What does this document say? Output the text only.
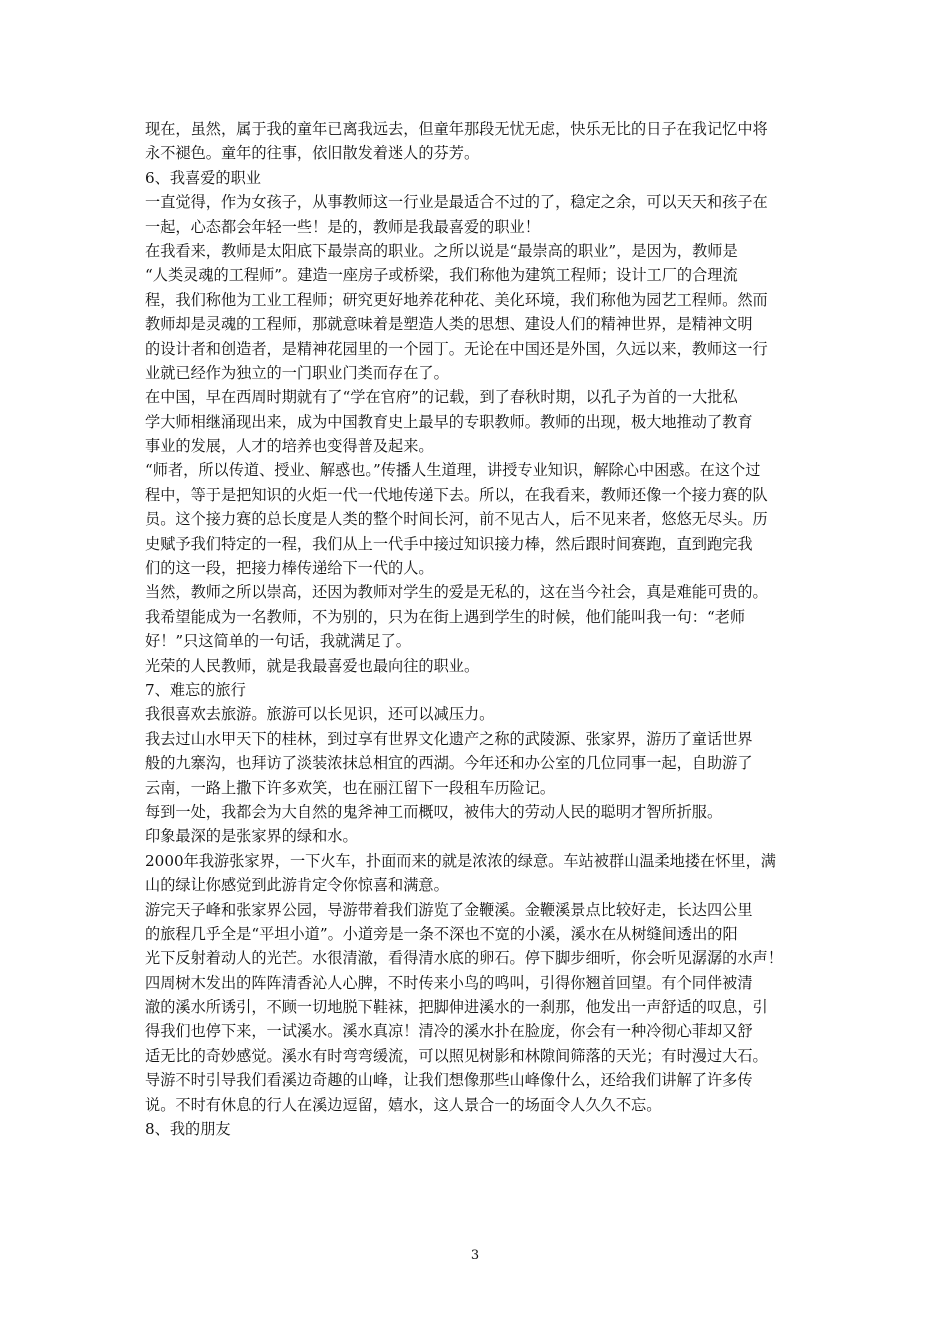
现在，虽然，属于我的童年已离我远去，但童年那段无忧无虑，快乐无比的日子在我记忆中将
永不褪色。童年的往事，依旧散发着迷人的芬芳。
6、我喜爱的职业
一直觉得，作为女孩子，从事教师这一行业是最适合不过的了，稳定之余，可以天天和孩子在
一起，心态都会年轻一些！是的，教师是我最喜爱的职业！
在我看来，教师是太阳底下最崇高的职业。之所以说是“最崇高的职业”，是因为，教师是
“人类灵魂的工程师”。建造一座房子或桥梁，我们称他为建筑工程师；设计工厂的合理流
程，我们称他为工业工程师；研究更好地养花种花、美化环境，我们称他为园艺工程师。然而
教师却是灵魂的工程师，那就意味着是塑造人类的思想、建设人们的精神世界，是精神文明
的设计者和创造者，是精神花园里的一个园丁。无论在中国还是外国，久远以来，教师这一行
业就已经作为独立的一门职业门类而存在了。
在中国，早在西周时期就有了“学在官府”的记载，到了春秋时期，以孔子为首的一大批私
学大师相继涌现出来，成为中国教育史上最早的专职教师。教师的出现，极大地推动了教育
事业的发展，人才的培养也变得普及起来。
“师者，所以传道、授业、解惑也。”传播人生道理，讲授专业知识，解除心中困惑。在这个过
程中，等于是把知识的火炬一代一代地传递下去。所以，在我看来，教师还像一个接力赛的队
员。这个接力赛的总长度是人类的整个时间长河，前不见古人，后不见来者，悠悠无尽头。历
史赋予我们特定的一程，我们从上一代手中接过知识接力棒，然后跟时间赛跑，直到跑完我
们的这一段，把接力棒传递给下一代的人。
当然，教师之所以崇高，还因为教师对学生的爱是无私的，这在当今社会，真是难能可贵的。
我希望能成为一名教师，不为别的，只为在街上遇到学生的时候，他们能叫我一句：“老师
好！”只这简单的一句话，我就满足了。
光荣的人民教师，就是我最喜爱也最向往的职业。
7、难忘的旅行
我很喜欢去旅游。旅游可以长见识，还可以减压力。
我去过山水甲天下的桂林，到过享有世界文化遗产之称的武陵源、张家界，游历了童话世界
般的九寨沟，也拜访了淡装浓抹总相宜的西湖。今年还和办公室的几位同事一起，自助游了
云南，一路上撒下许多欢笑，也在丽江留下一段租车历险记。
每到一处，我都会为大自然的鬼斧神工而概叹，被伟大的劳动人民的聪明才智所折服。
印象最深的是张家界的绿和水。
2000年我游张家界，一下火车，扑面而来的就是浓浓的绿意。车站被群山温柔地搂在怀里，满
山的绿让你感觉到此游肯定令你惊喜和满意。
游完天子峰和张家界公园，导游带着我们游览了金鞭溪。金鞭溪景点比较好走，长达四公里
的旅程几乎全是“平坦小道”。小道旁是一条不深也不宽的小溪，溪水在从树缝间透出的阳
光下反射着动人的光芒。水很清澈，看得清水底的卵石。停下脚步细听，你会听见潺潺的水声！
四周树木发出的阵阵清香沁人心脾，不时传来小鸟的鸣叫，引得你翘首回望。有个同伴被清
澈的溪水所诱引，不顾一切地脱下鞋袜，把脚伸进溪水的一刹那，他发出一声舒适的叹息，引
得我们也停下来，一试溪水。溪水真凉！清冷的溪水扑在脸庞，你会有一种冷彻心菲却又舒
适无比的奇妙感觉。溪水有时弯弯缓流，可以照见树影和林隙间筛落的天光；有时漫过大石。
导游不时引导我们看溪边奇趣的山峰，让我们想像那些山峰像什么，还给我们讲解了许多传
说。不时有休息的行人在溪边逗留，嬉水，这人景合一的场面令人久久不忘。
8、我的朋友
3
